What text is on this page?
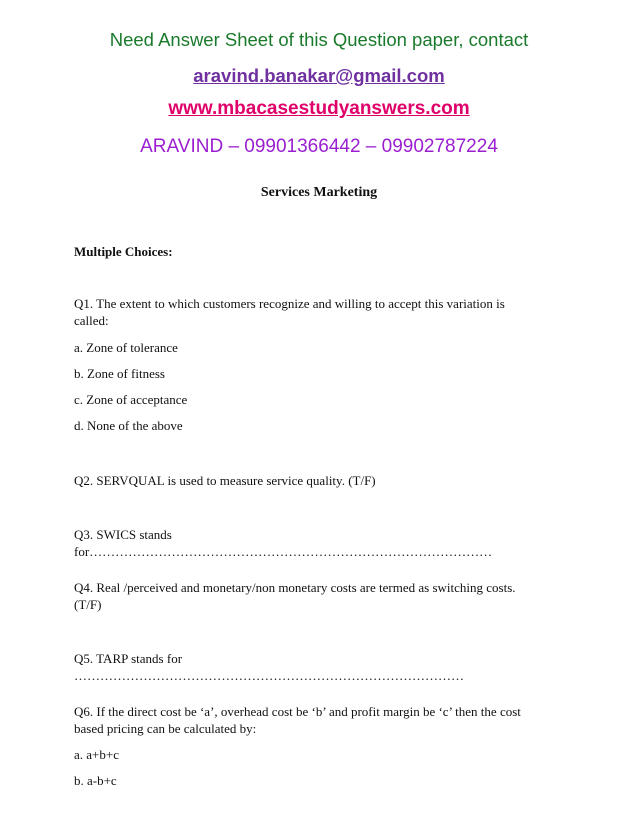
Need Answer Sheet of this Question paper, contact
aravind.banakar@gmail.com
www.mbacasestudyanswers.com
ARAVIND – 09901366442 – 09902787224
Services Marketing
Multiple Choices:
Q1. The extent to which customers recognize and willing to accept this variation is
called:
a. Zone of tolerance
b. Zone of fitness
c. Zone of acceptance
d. None of the above
Q2. SERVQUAL is used to measure service quality. (T/F)
Q3. SWICS stands for…………………………………………………………………………………
Q4. Real /perceived and monetary/non monetary costs are termed as switching costs.
(T/F)
Q5. TARP stands for ………………………………………………………………………………
Q6. If the direct cost be ‘a’, overhead cost be ‘b’ and profit margin be ‘c’ then the cost
based pricing can be calculated by:
a. a+b+c
b. a-b+c
